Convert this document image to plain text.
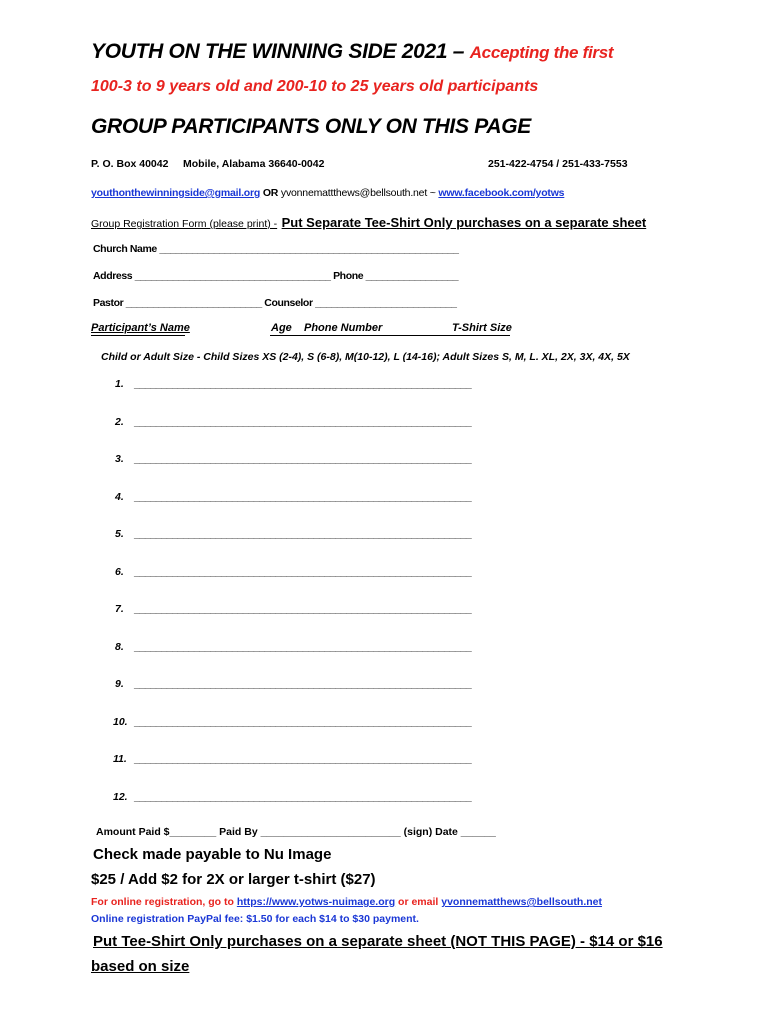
YOUTH ON THE WINNING SIDE 2021 – Accepting the first
100-3 to 9 years old and 200-10 to 25 years old participants
GROUP PARTICIPANTS ONLY ON THIS PAGE
P. O. Box 40042 Mobile, Alabama 36640-0042	251-422-4754 / 251-433-7553
youthonthewinningside@gmail.org OR yvonnemattthews@bellsouth.net ~ www.facebook.com/yotws
Group Registration Form (please print) - Put Separate Tee-Shirt Only purchases on a separate sheet
Church Name _______________________________________________________
Address ____________________________________ Phone _________________
Pastor _________________________ Counselor __________________________
Participant’s Name	Age Phone Number	T-Shirt Size
Child or Adult Size - Child Sizes XS (2-4), S (6-8), M(10-12), L (14-16); Adult Sizes S, M, L. XL, 2X, 3X, 4X, 5X
1. ______________________________________________________________
2. ______________________________________________________________
3. ______________________________________________________________
4. ______________________________________________________________
5. ______________________________________________________________
6. ______________________________________________________________
7. ______________________________________________________________
8. ______________________________________________________________
9. ______________________________________________________________
10. ______________________________________________________________
11. ______________________________________________________________
12. ______________________________________________________________
Amount Paid $________ Paid By ________________________ (sign) Date ______
Check made payable to Nu Image
$25 / Add $2 for 2X or larger t-shirt ($27)
For online registration, go to https://www.yotws-nuimage.org or email yvonnematthews@bellsouth.net
Online registration PayPal fee: $1.50 for each $14 to $30 payment.
Put Tee-Shirt Only purchases on a separate sheet (NOT THIS PAGE) - $14 or $16
based on size
